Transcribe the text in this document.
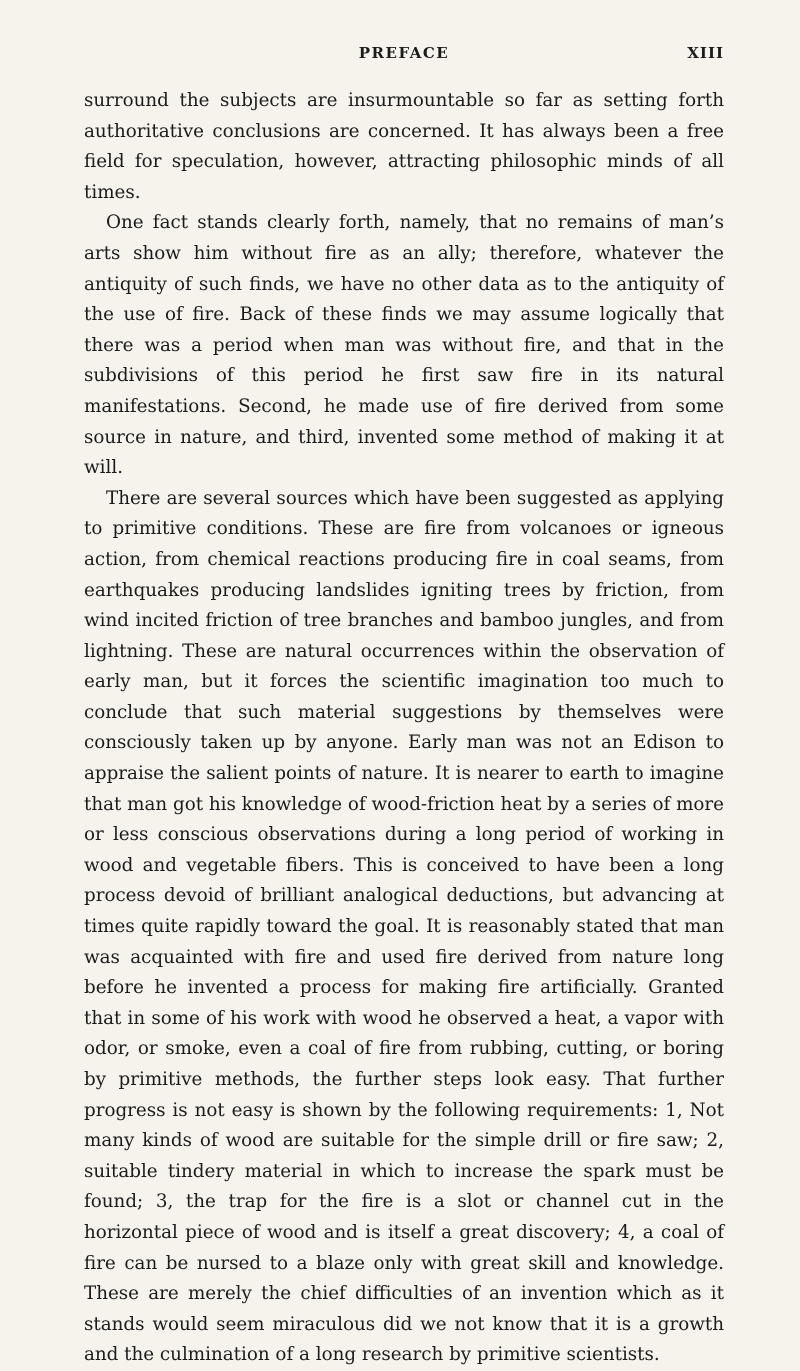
PREFACE	XIII

surround the subjects are insurmountable so far as setting forth authoritative conclusions are concerned. It has always been a free field for speculation, however, attracting philosophic minds of all times.

One fact stands clearly forth, namely, that no remains of man’s arts show him without fire as an ally; therefore, whatever the antiquity of such finds, we have no other data as to the antiquity of the use of fire. Back of these finds we may assume logically that there was a period when man was without fire, and that in the subdivisions of this period he first saw fire in its natural manifestations. Second, he made use of fire derived from some source in nature, and third, invented some method of making it at will.

There are several sources which have been suggested as applying to primitive conditions. These are fire from volcanoes or igneous action, from chemical reactions producing fire in coal seams, from earthquakes producing landslides igniting trees by friction, from wind incited friction of tree branches and bamboo jungles, and from lightning. These are natural occurrences within the observation of early man, but it forces the scientific imagination too much to conclude that such material suggestions by themselves were consciously taken up by anyone. Early man was not an Edison to appraise the salient points of nature. It is nearer to earth to imagine that man got his knowledge of wood-friction heat by a series of more or less conscious observations during a long period of working in wood and vegetable fibers. This is conceived to have been a long process devoid of brilliant analogical deductions, but advancing at times quite rapidly toward the goal. It is reasonably stated that man was acquainted with fire and used fire derived from nature long before he invented a process for making fire artificially. Granted that in some of his work with wood he observed a heat, a vapor with odor, or smoke, even a coal of fire from rubbing, cutting, or boring by primitive methods, the further steps look easy. That further progress is not easy is shown by the following requirements: 1, Not many kinds of wood are suitable for the simple drill or fire saw; 2, suitable tindery material in which to increase the spark must be found; 3, the trap for the fire is a slot or channel cut in the horizontal piece of wood and is itself a great discovery; 4, a coal of fire can be nursed to a blaze only with great skill and knowledge. These are merely the chief difficulties of an invention which as it stands would seem miraculous did we not know that it is a growth and the culmination of a long research by primitive scientists.
